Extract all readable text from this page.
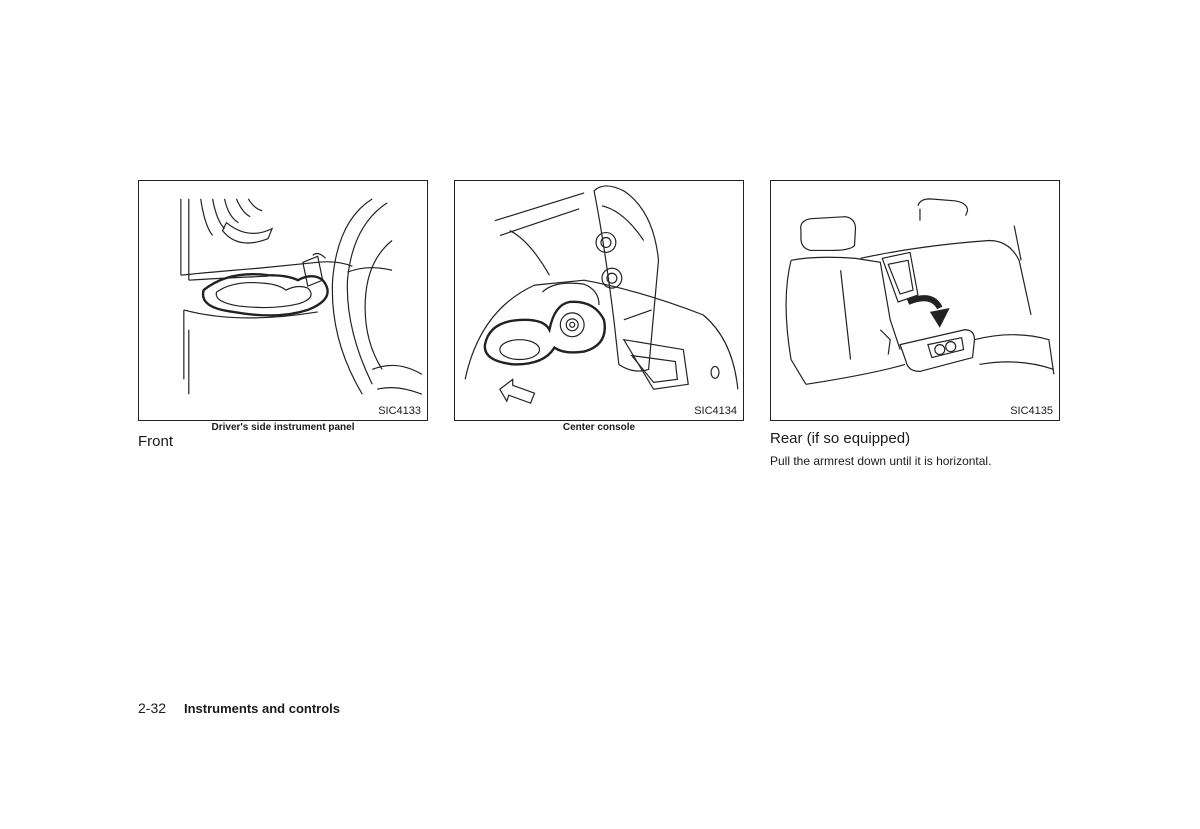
SIC4133
Driver's side instrument panel
SIC4134
Center console
SIC4135
Front	Rear (if so equipped)
Pull the armrest down until it is horizontal.
2-32 Instruments and controls
